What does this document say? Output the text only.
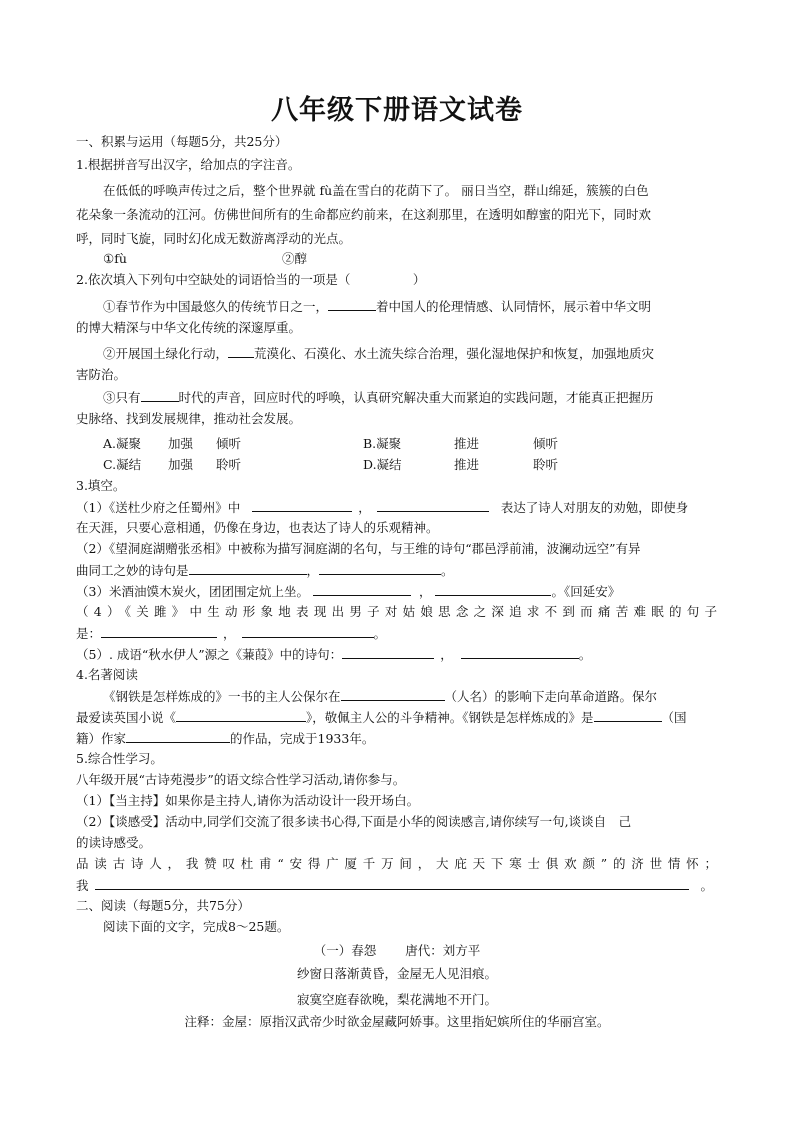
八年级下册语文试卷
一、积累与运用（每题5分，共25分）
1.根据拼音写出汉字，给加点的字注音。
在低低的呼唤声传过之后，整个世界就 fù盖在雪白的花荫下了。 丽日当空，群山绵延，簇簇的白色
花朵象一条流动的江河。仿佛世间所有的生命都应约前来，在这刹那里，在透明如醇蜜的阳光下，同时欢
呼，同时飞旋，同时幻化成无数游离浮动的光点。
①fù	②醇
2.依次填入下列句中空缺处的词语恰当的一项是（　　　　　）
①春节作为中国最悠久的传统节日之一，	着中国人的伦理情感、认同情怀，展示着中华文明
的博大精深与中华文化传统的深邃厚重。
②开展国土绿化行动， 荒漠化、石漠化、水土流失综合治理，强化湿地保护和恢复，加强地质灾
害防治。
③只有	时代的声音，回应时代的呼唤，认真研究解决重大而紧迫的实践问题，才能真正把握历
史脉络、找到发展规律，推动社会发展。
A.凝聚 加强 倾听	B.凝聚	推进	倾听
C.凝结 加强 聆听	D.凝结	推进	聆听
3.填空。
（1）《送杜少府之任蜀州》中	，	表达了诗人对朋友的劝勉，即使身
在天涯，只要心意相通，仍像在身边，也表达了诗人的乐观精神。
（2）《望洞庭湖赠张丞相》中被称为描写洞庭湖的名句，与王维的诗句“郡邑浮前浦，波澜动远空”有异
曲同工之妙的诗句是	，	。
（3）米酒油馍木炭火，团团围定炕上坐。	，	。《回延安》
（4）《关雎》中生动形象地表现出男子对姑娘思念之深追求不到而痛苦难眠的句子
是：	，	。
（5）. 成语“秋水伊人”源之《蒹葭》中的诗句：	，	。
4.名著阅读
《钢铁是怎样炼成的》一书的主人公保尔在	（人名）的影响下走向革命道路。保尔
最爱读英国小说《	》，敬佩主人公的斗争精神。《钢铁是怎样炼成的》是	（国
籍）作家	的作品，完成于1933年。
5.综合性学习。
八年级开展“古诗苑漫步”的语文综合性学习活动,请你参与。
（1）【当主持】如果你是主持人,请你为活动设计一段开场白。
（2）【谈感受】活动中,同学们交流了很多读书心得,下面是小华的阅读感言,请你续写一句,谈谈自　己
的读诗感受。
品读古诗人，我赞叹杜甫“安得广厦千万间，大庇天下寒士俱欢颜”的济世情怀；
我	。
二、阅读（每题5分，共75分）
阅读下面的文字，完成8～25题。
（一）春怨　　 唐代：刘方平
纱窗日落渐黄昏，金屋无人见泪痕。
寂寞空庭春欲晚，梨花满地不开门。
注释：金屋：原指汉武帝少时欲金屋藏阿娇事。这里指妃嫔所住的华丽宫室。
